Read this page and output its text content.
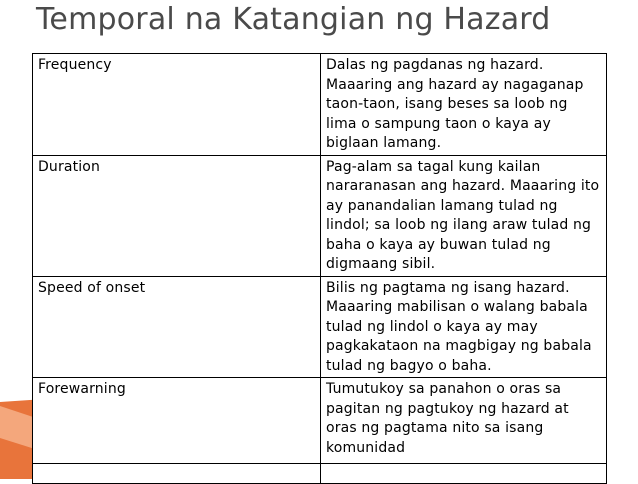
Temporal na Katangian ng Hazard
Frequency	Dalas ng pagdanas ng hazard. Maaaring ang hazard ay nagaganap taon-taon, isang beses sa loob ng lima o sampung taon o kaya ay biglaan lamang.
Duration	Pag-alam sa tagal kung kailan nararanasan ang hazard. Maaaring ito ay panandalian lamang tulad ng lindol; sa loob ng ilang araw tulad ng baha o kaya ay buwan tulad ng digmaang sibil.
Speed of onset	Bilis ng pagtama ng isang hazard. Maaaring mabilisan o walang babala tulad ng lindol o kaya ay may pagkakataon na magbigay ng babala tulad ng bagyo o baha.
Forewarning	Tumutukoy sa panahon o oras sa pagitan ng pagtukoy ng hazard at oras ng pagtama nito sa isang komunidad
